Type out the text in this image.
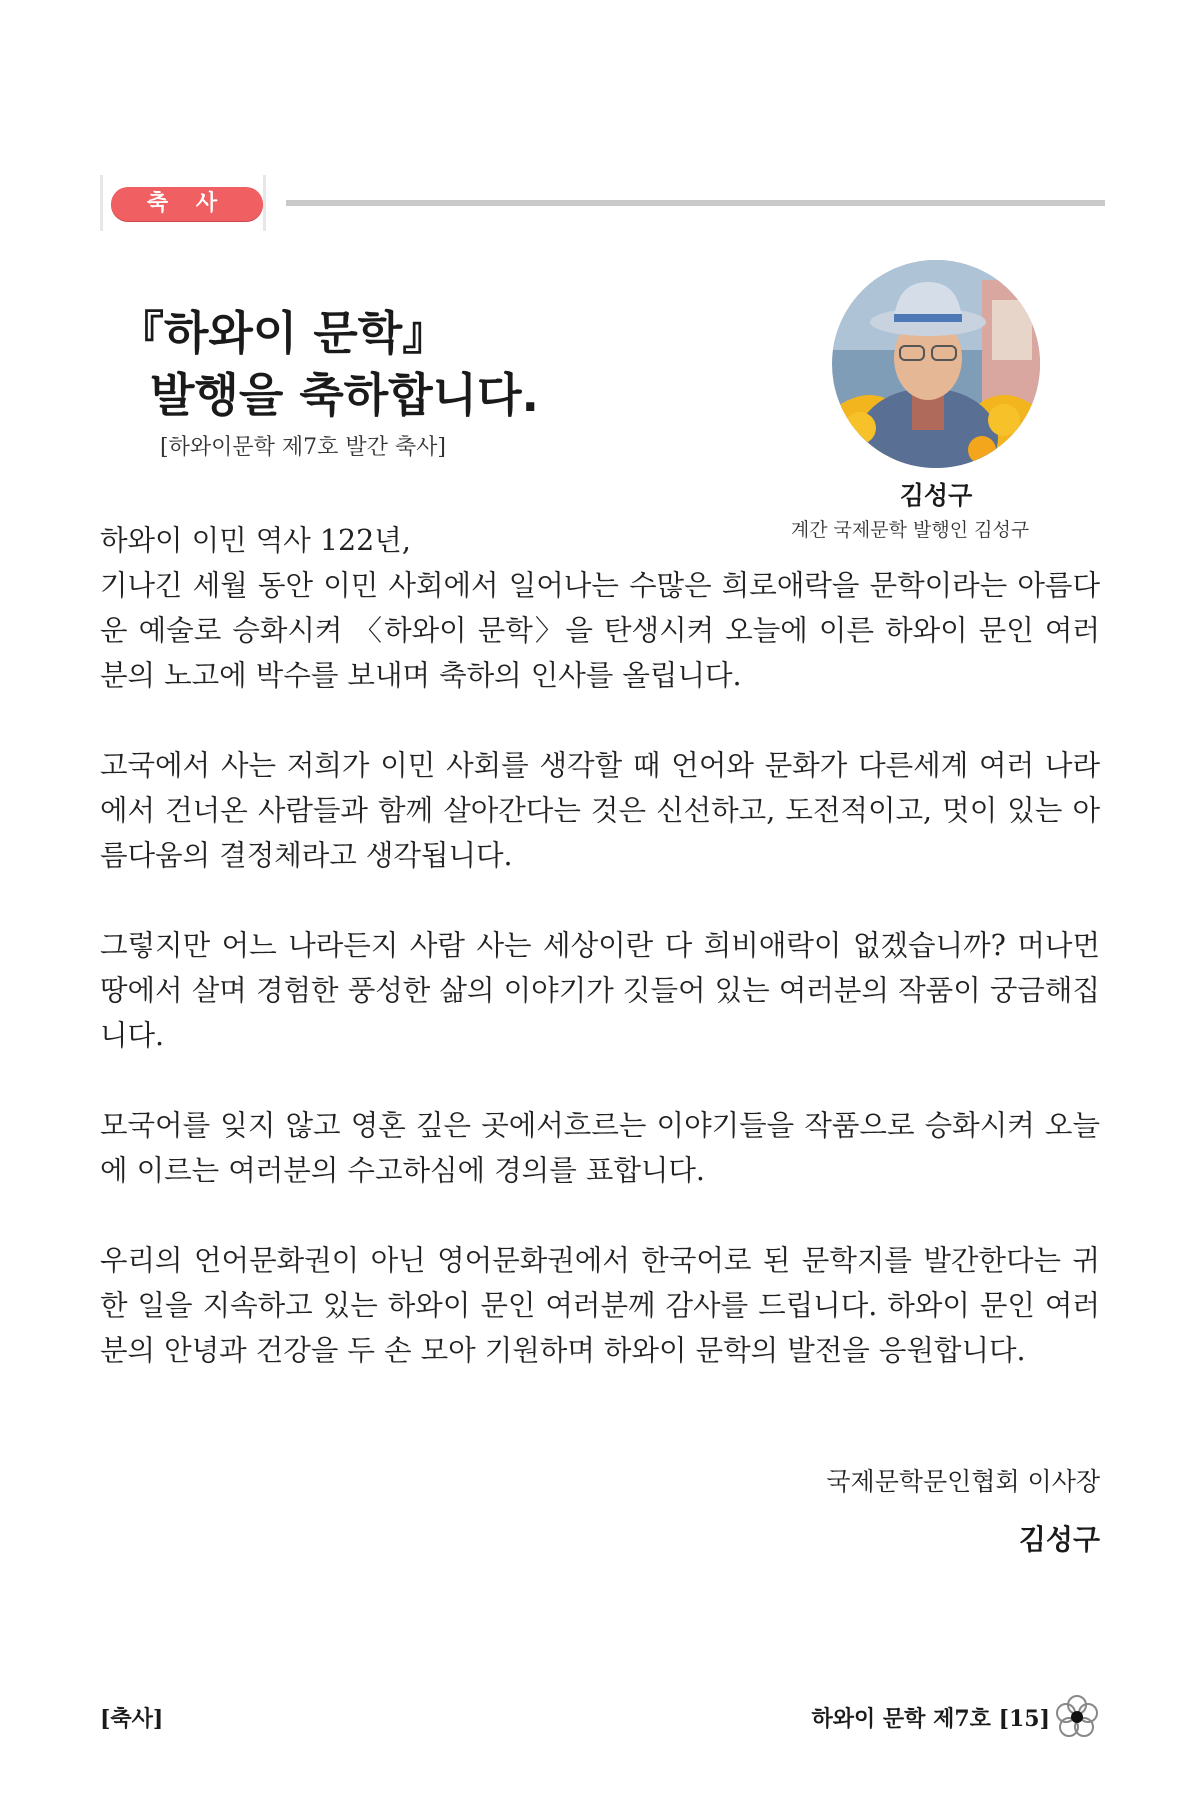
축 사
『하와이 문학』
발행을 축하합니다.
[하와이문학 제7호 발간 축사]
김성구
계간 국제문학 발행인 김성구

하와이 이민 역사 122년,

기나긴 세월 동안 이민 사회에서 일어나는 수많은 희로애락을 문학이라는 아름다운 예술로 승화시켜 〈하와이 문학〉을 탄생시켜 오늘에 이른 하와이 문인 여러분의 노고에 박수를 보내며 축하의 인사를 올립니다.

고국에서 사는 저희가 이민 사회를 생각할 때 언어와 문화가 다른세계 여러 나라에서 건너온 사람들과 함께 살아간다는 것은 신선하고, 도전적이고, 멋이 있는 아름다움의 결정체라고 생각됩니다.

그렇지만 어느 나라든지 사람 사는 세상이란 다 희비애락이 없겠습니까? 머나먼 땅에서 살며 경험한 풍성한 삶의 이야기가 깃들어 있는 여러분의 작품이 궁금해집니다.

모국어를 잊지 않고 영혼 깊은 곳에서흐르는 이야기들을 작품으로 승화시켜 오늘에 이르는 여러분의 수고하심에 경의를 표합니다.

우리의 언어문화권이 아닌 영어문화권에서 한국어로 된 문학지를 발간한다는 귀한 일을 지속하고 있는 하와이 문인 여러분께 감사를 드립니다. 하와이 문인 여러분의 안녕과 건강을 두 손 모아 기원하며 하와이 문학의 발전을 응원합니다.

국제문학문인협회 이사장
김성구
[축사]	하와이 문학 제7호 [15]
